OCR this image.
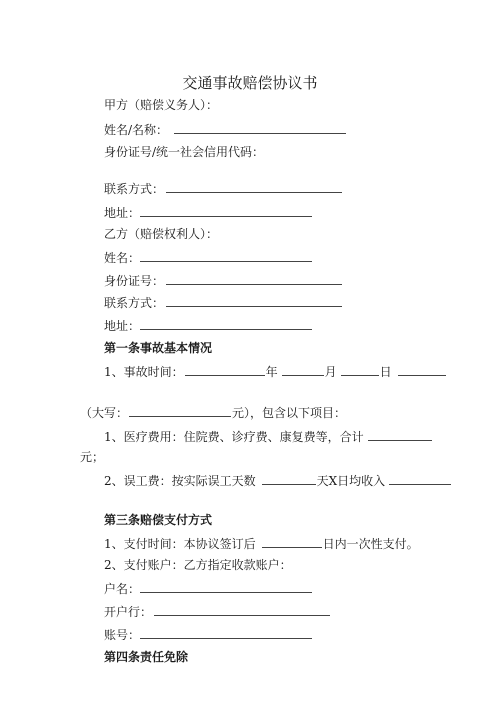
交通事故赔偿协议书
甲方（赔偿义务人）：
姓名/名称：
身份证号/统一社会信用代码：
联系方式：
地址：
乙方（赔偿权利人）：
姓名：
身份证号：
联系方式：
地址：
第一条事故基本情况
1、事故时间：	年	月	日
（大写：	元），包含以下项目：
1、医疗费用：住院费、诊疗费、康复费等，合计
元；
2、误工费：按实际误工天数	天X日均收入
第三条赔偿支付方式
1、支付时间：本协议签订后	日内一次性支付。
2、支付账户：乙方指定收款账户：
户名：
开户行：
账号：
第四条责任免除
